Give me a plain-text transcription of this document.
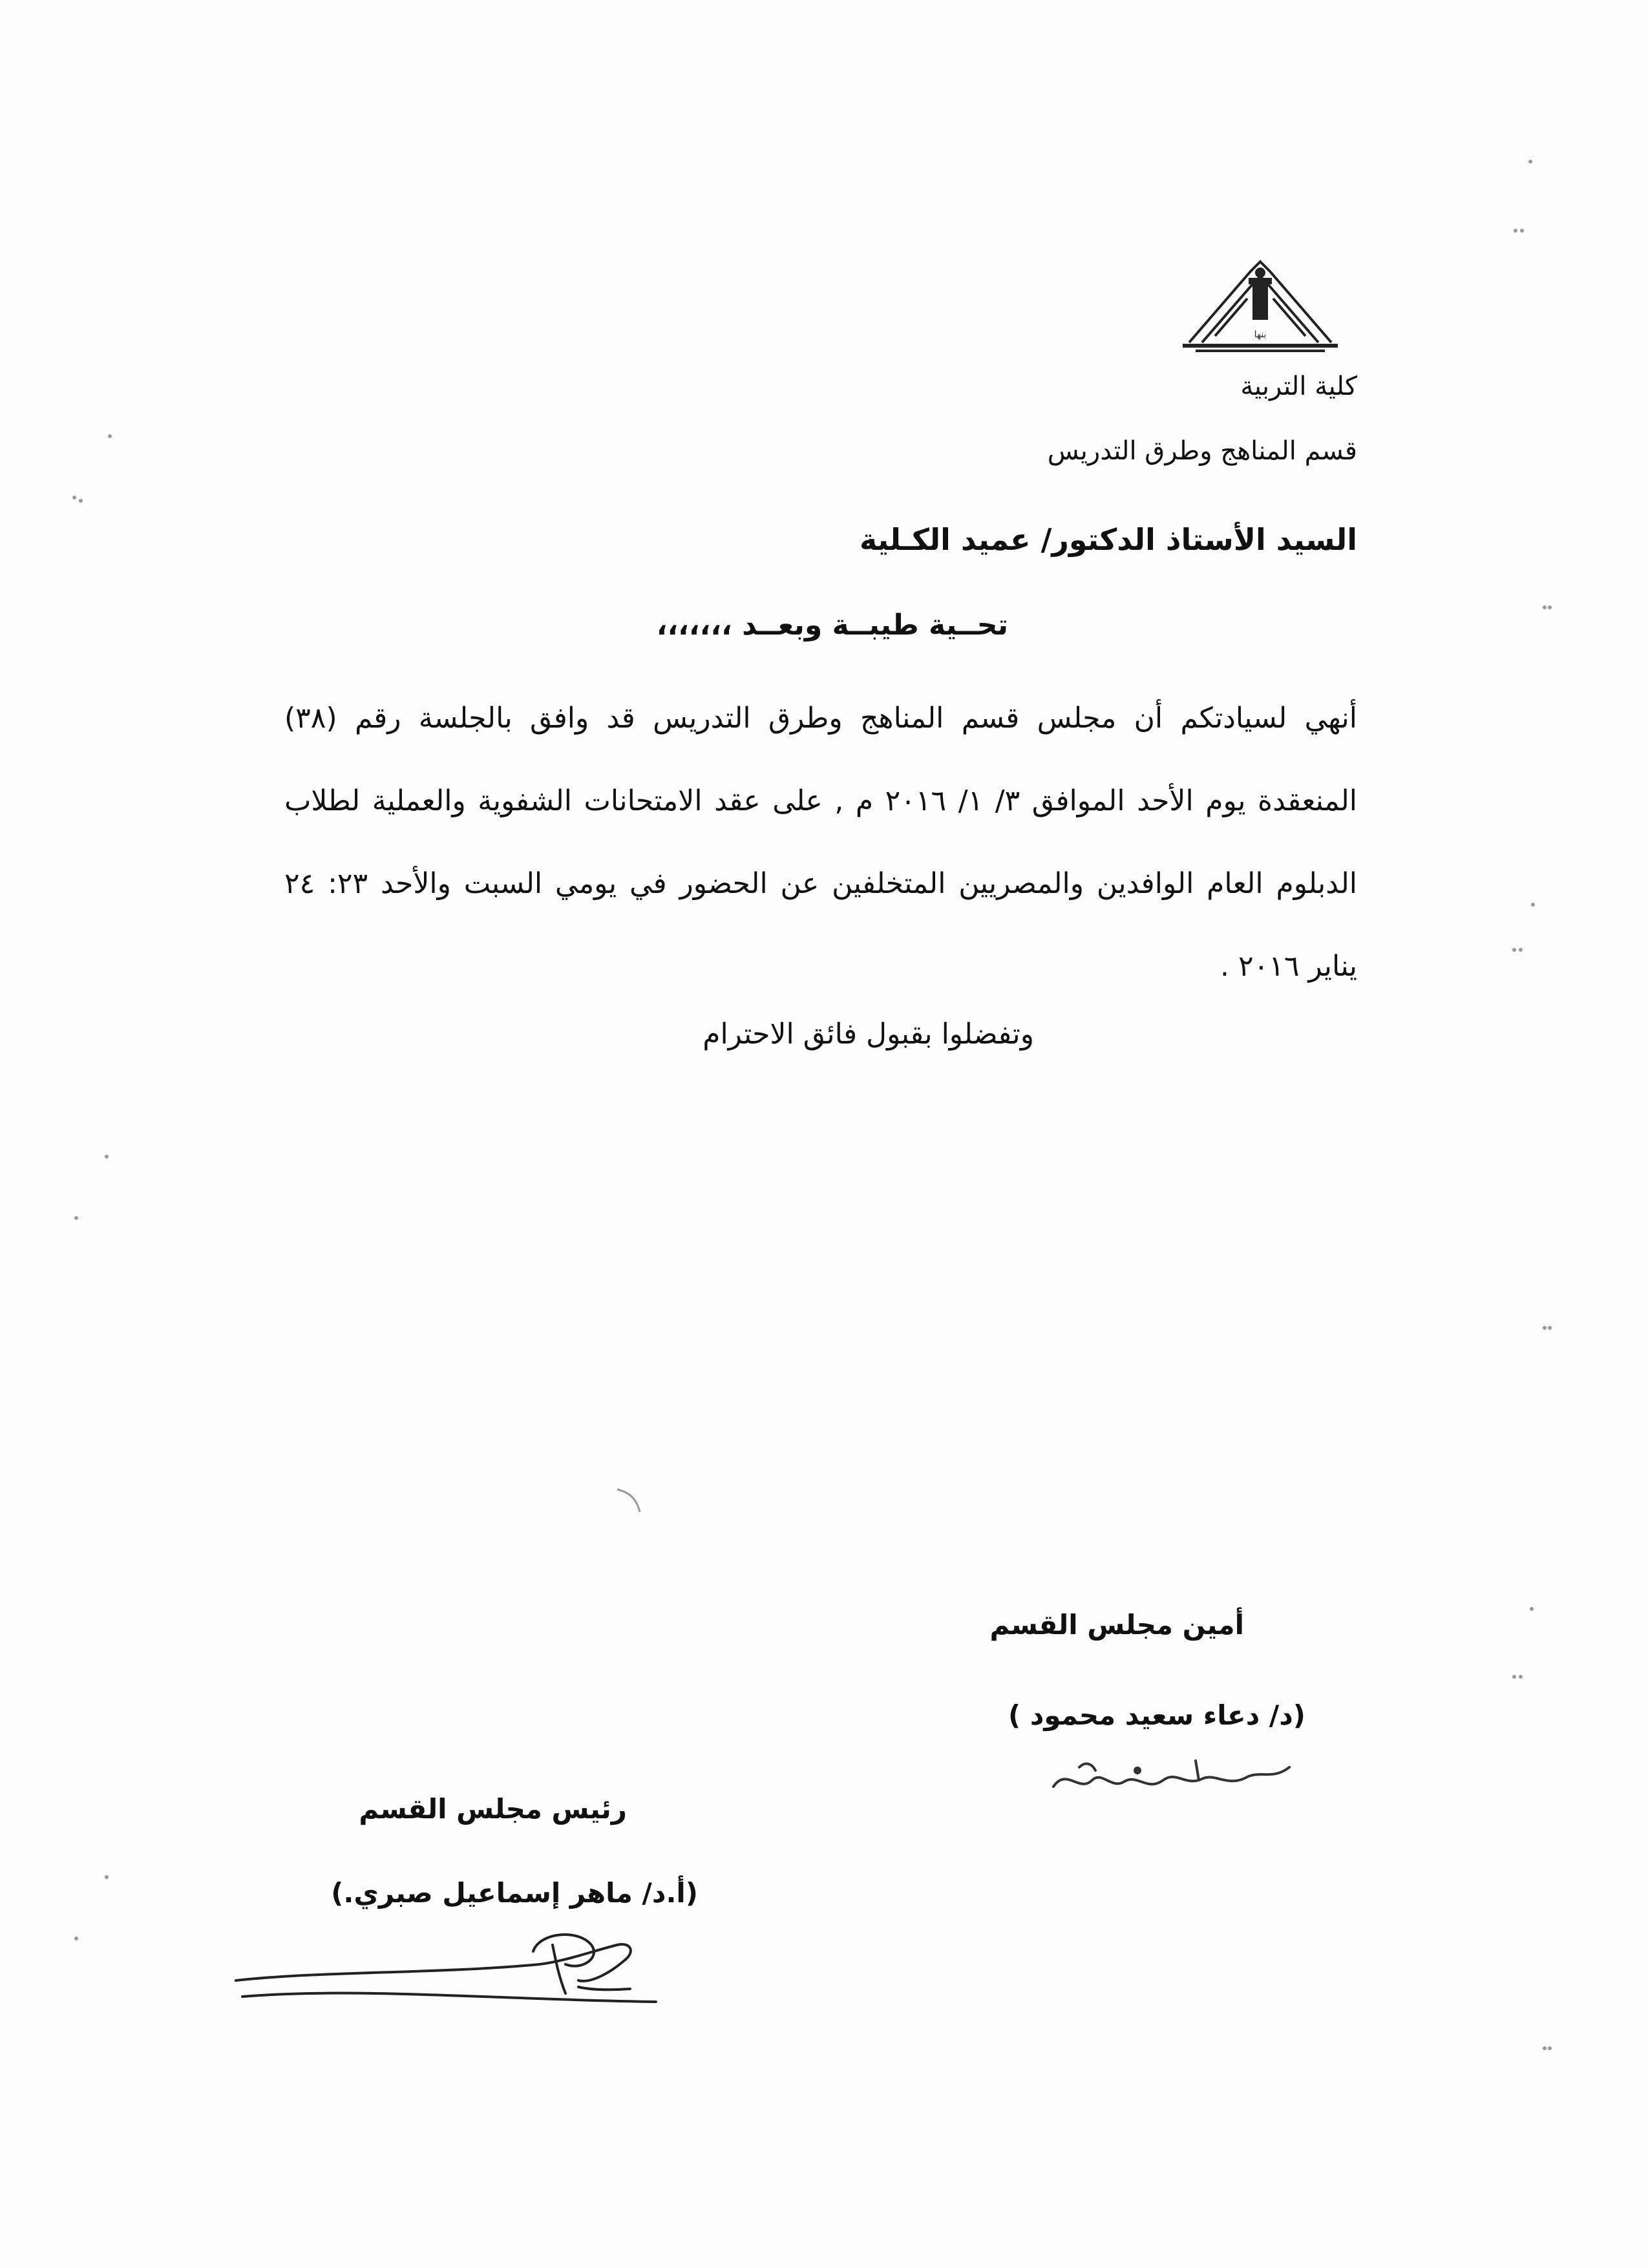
بنها
كلية التربية
قسم المناهج وطرق التدريس
السيد الأستاذ الدكتور/ عميد الكـلية
تحــية طيبــة وبعــد ،،،،،،،
أنهي لسيادتكم أن مجلس قسم المناهج وطرق التدريس قد وافق بالجلسة رقم (٣٨) المنعقدة يوم الأحد الموافق ٣/ ١/ ٢٠١٦ م , على عقد الامتحانات الشفوية والعملية لطلاب الدبلوم العام الوافدين والمصريين المتخلفين عن الحضور في يومي السبت والأحد ٢٣: ٢٤ يناير ٢٠١٦ .
وتفضلوا بقبول فائق الاحترام
أمين مجلس القسم
(د/ دعاء سعيد محمود )
رئيس مجلس القسم
(أ.د/ ماهر إسماعيل صبري.)
